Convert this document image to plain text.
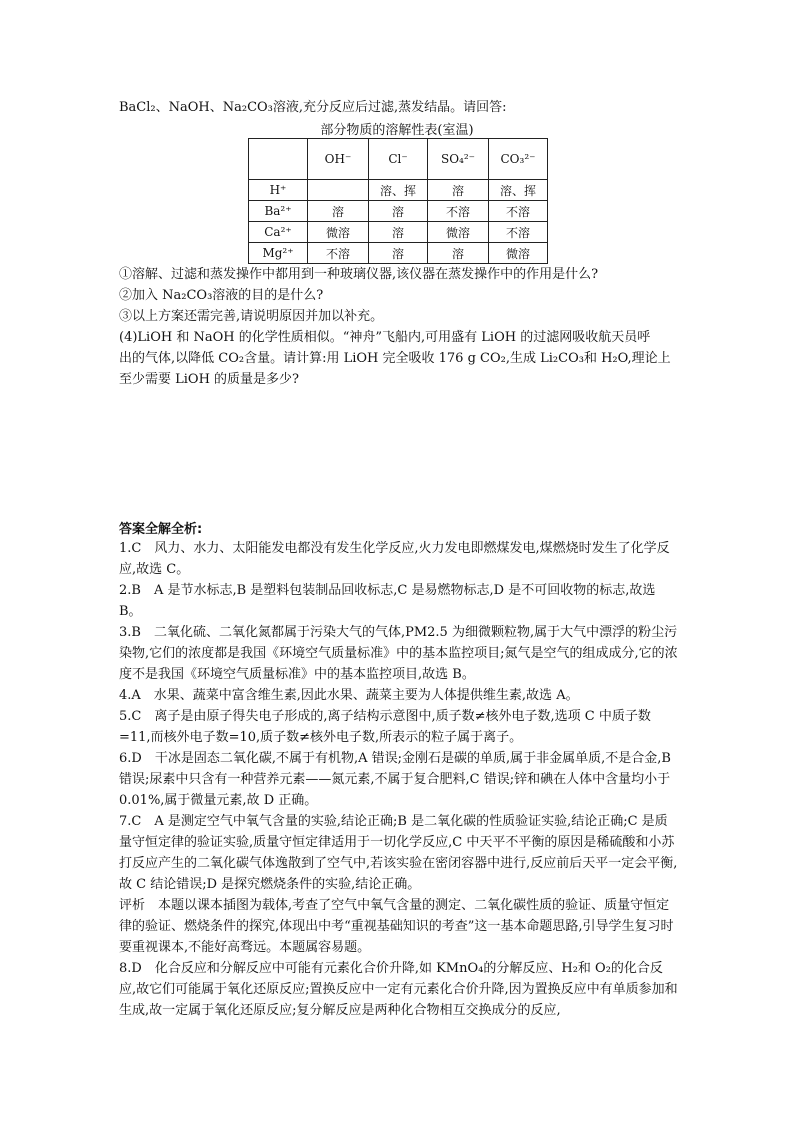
BaCl₂、NaOH、Na₂CO₃溶液,充分反应后过滤,蒸发结晶。请回答:
部分物质的溶解性表(室温)
	OH⁻	Cl⁻	SO₄²⁻	CO₃²⁻
H⁺		溶、挥	溶	溶、挥
Ba²⁺	溶	溶	不溶	不溶
Ca²⁺	微溶	溶	微溶	不溶
Mg²⁺	不溶	溶	溶	微溶
①溶解、过滤和蒸发操作中都用到一种玻璃仪器,该仪器在蒸发操作中的作用是什么?
②加入 Na₂CO₃溶液的目的是什么?
③以上方案还需完善,请说明原因并加以补充。
(4)LiOH 和 NaOH 的化学性质相似。“神舟”飞船内,可用盛有 LiOH 的过滤网吸收航天员呼
出的气体,以降低 CO₂含量。请计算:用 LiOH 完全吸收 176 g CO₂,生成 Li₂CO₃和 H₂O,理论上
至少需要 LiOH 的质量是多少?
答案全解全析:
1.C　风力、水力、太阳能发电都没有发生化学反应,火力发电即燃煤发电,煤燃烧时发生了化学反应,故选 C。
2.B　A 是节水标志,B 是塑料包装制品回收标志,C 是易燃物标志,D 是不可回收物的标志,故选 B。
3.B　二氧化硫、二氧化氮都属于污染大气的气体,PM2.5 为细微颗粒物,属于大气中漂浮的粉尘污染物,它们的浓度都是我国《环境空气质量标准》中的基本监控项目;氮气是空气的组成成分,它的浓度不是我国《环境空气质量标准》中的基本监控项目,故选 B。
4.A　水果、蔬菜中富含维生素,因此水果、蔬菜主要为人体提供维生素,故选 A。
5.C　离子是由原子得失电子形成的,离子结构示意图中,质子数≠核外电子数,选项 C 中质子数=11,而核外电子数=10,质子数≠核外电子数,所表示的粒子属于离子。
6.D　干冰是固态二氧化碳,不属于有机物,A 错误;金刚石是碳的单质,属于非金属单质,不是合金,B 错误;尿素中只含有一种营养元素——氮元素,不属于复合肥料,C 错误;锌和碘在人体中含量均小于 0.01%,属于微量元素,故 D 正确。
7.C　A 是测定空气中氧气含量的实验,结论正确;B 是二氧化碳的性质验证实验,结论正确;C 是质量守恒定律的验证实验,质量守恒定律适用于一切化学反应,C 中天平不平衡的原因是稀硫酸和小苏打反应产生的二氧化碳气体逸散到了空气中,若该实验在密闭容器中进行,反应前后天平一定会平衡,故 C 结论错误;D 是探究燃烧条件的实验,结论正确。
评析　本题以课本插图为载体,考查了空气中氧气含量的测定、二氧化碳性质的验证、质量守恒定律的验证、燃烧条件的探究,体现出中考“重视基础知识的考查”这一基本命题思路,引导学生复习时要重视课本,不能好高骛远。本题属容易题。
8.D　化合反应和分解反应中可能有元素化合价升降,如 KMnO₄的分解反应、H₂和 O₂的化合反应,故它们可能属于氧化还原反应;置换反应中一定有元素化合价升降,因为置换反应中有单质参加和生成,故一定属于氧化还原反应;复分解反应是两种化合物相互交换成分的反应,
